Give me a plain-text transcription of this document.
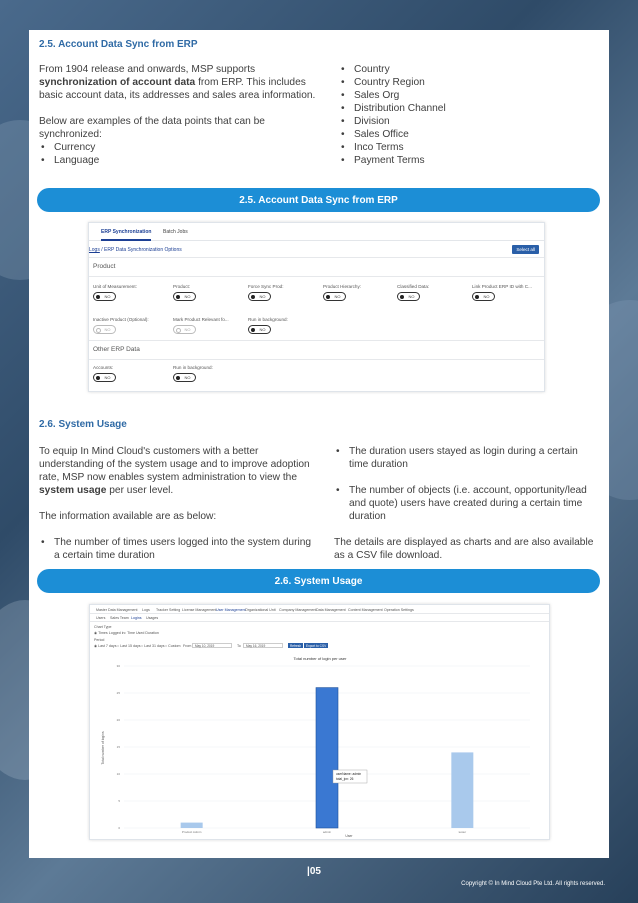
2.5. Account Data Sync from ERP

From 1904 release and onwards, MSP supports synchronization of account data from ERP. This includes basic account data, its addresses and sales area information.

Below are examples of the data points that can be synchronized:
• Currency
• Language
• Country
• Country Region
• Sales Org
• Distribution Channel
• Division
• Sales Office
• Inco Terms
• Payment Terms
2.5. Account Data Sync from ERP
ERP Synchronization Batch Jobs
Logs / ERP Data Synchronization Options	Select all
Product
Unit of Measurement:
NO
Product:
NO
Force Sync Prod:
NO
Product Hierarchy:
NO
Classified Data:
NO
Link Product ERP ID with C...
NO
Inactive Product (Optional):
NO
Mark Product Relevant fo...
NO
Run in background:
NO
Other ERP Data
Accounts:
NO
Run in background:
NO
2.6. System Usage

To equip In Mind Cloud's customers with a better understanding of the system usage and to improve adoption rate, MSP now enables system administration to view the system usage per user level.

The information available are as below:

• The number of times users logged into the system during a certain time duration
• The duration users stayed as login during a certain time duration
• The number of objects (i.e. account, opportunity/lead and quote) users have created during a certain time duration

The details are displayed as charts and are also available as a CSV file download.

2.6. System Usage
Master Data Management Logs Tracker Setting License Management User Management Organizational Unit Company Management Data Management Content Management Operation Settings
Users Sales Team Logins Usages
Chart Type
◉ Times Logged in ○ Time Used Duration
Period
◉ Last 7 days ○ Last 15 days ○ Last 31 days ○ Custom From	May 10, 2019	To	May 16, 2019	Refresh	Export to CSV
Total number of login per user
Total number of logins
User
0
5
10
15
20
25
30
Product Admin	admin	tester
userName: admin
total_ipn: 26
|05
Copyright © In Mind Cloud Pte Ltd. All rights reserved.
